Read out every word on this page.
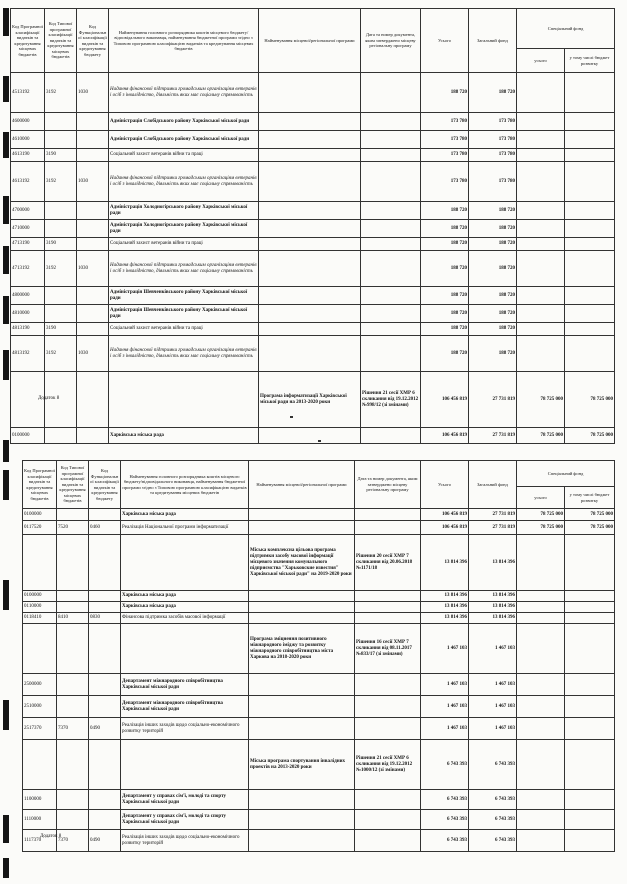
Код Програмної класифікації видатків та кредитування місцевих бюджетів	Код Типової програмної класифікації видатків та кредитування місцевих бюджетів	Код Функціональної класифікації видатків та кредитування бюджету	Найменування головного розпорядника коштів місцевого бюджету/відповідального виконавця, найменування бюджетної програми згідно з Типовою програмною класифікацією видатків та кредитування місцевих бюджетів	Найменування місцевої/регіональної програми	Дата та номер документа, яким затверджено місцеву регіональну програму	Усього	Загальний фонд	Спеціальний фонд	
								усього	у тому числі бюджет розвитку
4513192	3192	1030	Надання фінансової підтримки громадським організаціям ветеранів і осіб з інвалідністю, діяльність яких має соціальну спрямованість			188 720	188 720		
4600000			Адміністрація Слобідського району Харківської міської ради			173 780	173 780		
4610000			Адміністрація Слобідського району Харківської міської ради			173 780	173 780		
4613190	3190		Соціальний захист ветеранів війни та праці			173 780	173 780		
4613192	3192	1030	Надання фінансової підтримки громадським організаціям ветеранів і осіб з інвалідністю, діяльність яких має соціальну спрямованість			173 780	173 780		
4700000			Адміністрація Холодногірського району Харківської міської ради			188 720	188 720		
4710000			Адміністрація Холодногірського району Харківської міської ради			188 720	188 720		
4713190	3190		Соціальний захист ветеранів війни та праці			188 720	188 720		
4713192	3192	1030	Надання фінансової підтримки громадським організаціям ветеранів і осіб з інвалідністю, діяльність яких має соціальну спрямованість			188 720	188 720		
4800000			Адміністрація Шевченківського району Харківської міської ради			188 720	188 720		
4810000			Адміністрація Шевченківського району Харківської міської ради			188 720	188 720		
4813190	3190		Соціальний захист ветеранів війни та праці			188 720	188 720		
4813192	3192	1030	Надання фінансової підтримки громадським організаціям ветеранів і осіб з інвалідністю, діяльність яких має соціальну спрямованість			188 720	188 720		
				Програма інформатизації Харківської міської ради на 2013-2020 роки	Рішення 21 сесії ХМР 6 скликання від 19.12.2012 №998/12 (зі змінами)	106 456 819	27 731 819	78 725 000	78 725 000
0100000			Харківська міська рада			106 456 819	27 731 819	78 725 000	78 725 000
Додаток 8
Код Програмної класифікації видатків та кредитування місцевих бюджетів	Код Типової програмної класифікації видатків та кредитування місцевих бюджетів	Код Функціональної класифікації видатків та кредитування бюджету	Найменування головного розпорядника коштів місцевого бюджету/відповідального виконавця, найменування бюджетної програми згідно з Типовою програмною класифікацією видатків та кредитування місцевих бюджетів	Найменування місцевої/регіональної програми	Дата та номер документа, яким затверджено місцеву регіональну програму	Усього	Загальний фонд	Спеціальний фонд	
								усього	у тому числі бюджет розвитку
0100000			Харківська міська рада			106 456 819	27 731 819	78 725 000	78 725 000
0117520	7520	0460	Реалізація Національної програми інформатизації			106 456 819	27 731 819	78 725 000	78 725 000
				Міська комплексна цільова програма підтримки засобу масової інформації місцевого значення комунального підприємства "Харьковские известия" Харківської міської ради" на 2019-2020 роки	Рішення 20 сесії ХМР 7 скликання від 20.06.2018 №1171/18	13 814 396	13 814 396		
0100000			Харківська міська рада			13 814 396	13 814 396		
0110000			Харківська міська рада			13 814 396	13 814 396		
0118410	8410	0830	Фінансова підтримка засобів масової інформації			13 814 396	13 814 396		
				Програма зміцнення позитивного міжнародного іміджу та розвитку міжнародного співробітництва міста Харкова на 2018-2020 роки	Рішення 16 сесії ХМР 7 скликання від 08.11.2017 №833/17 (зі змінами)	1 467 103	1 467 103		
2500000			Департамент міжнародного співробітництва Харківської міської ради			1 467 103	1 467 103		
2510000			Департамент міжнародного співробітництва Харківської міської ради			1 467 103	1 467 103		
2517370	7370	0490	Реалізація інших заходів щодо соціально-економічного розвитку територій			1 467 103	1 467 103		
				Міська програма спортування інвалідних проектів на 2013-2020 роки	Рішення 21 сесії ХМР 6 скликання від 19.12.2012 №1000/12 (зі змінами)	6 743 393	6 743 393		
1100000			Департамент у справах сім'ї, молоді та спорту Харківської міської ради			6 743 393	6 743 393		
1110000			Департамент у справах сім'ї, молоді та спорту Харківської міської ради			6 743 393	6 743 393		
1117370	7370	0490	Реалізація інших заходів щодо соціально-економічного розвитку територій			6 743 393	6 743 393		
Додаток 8
